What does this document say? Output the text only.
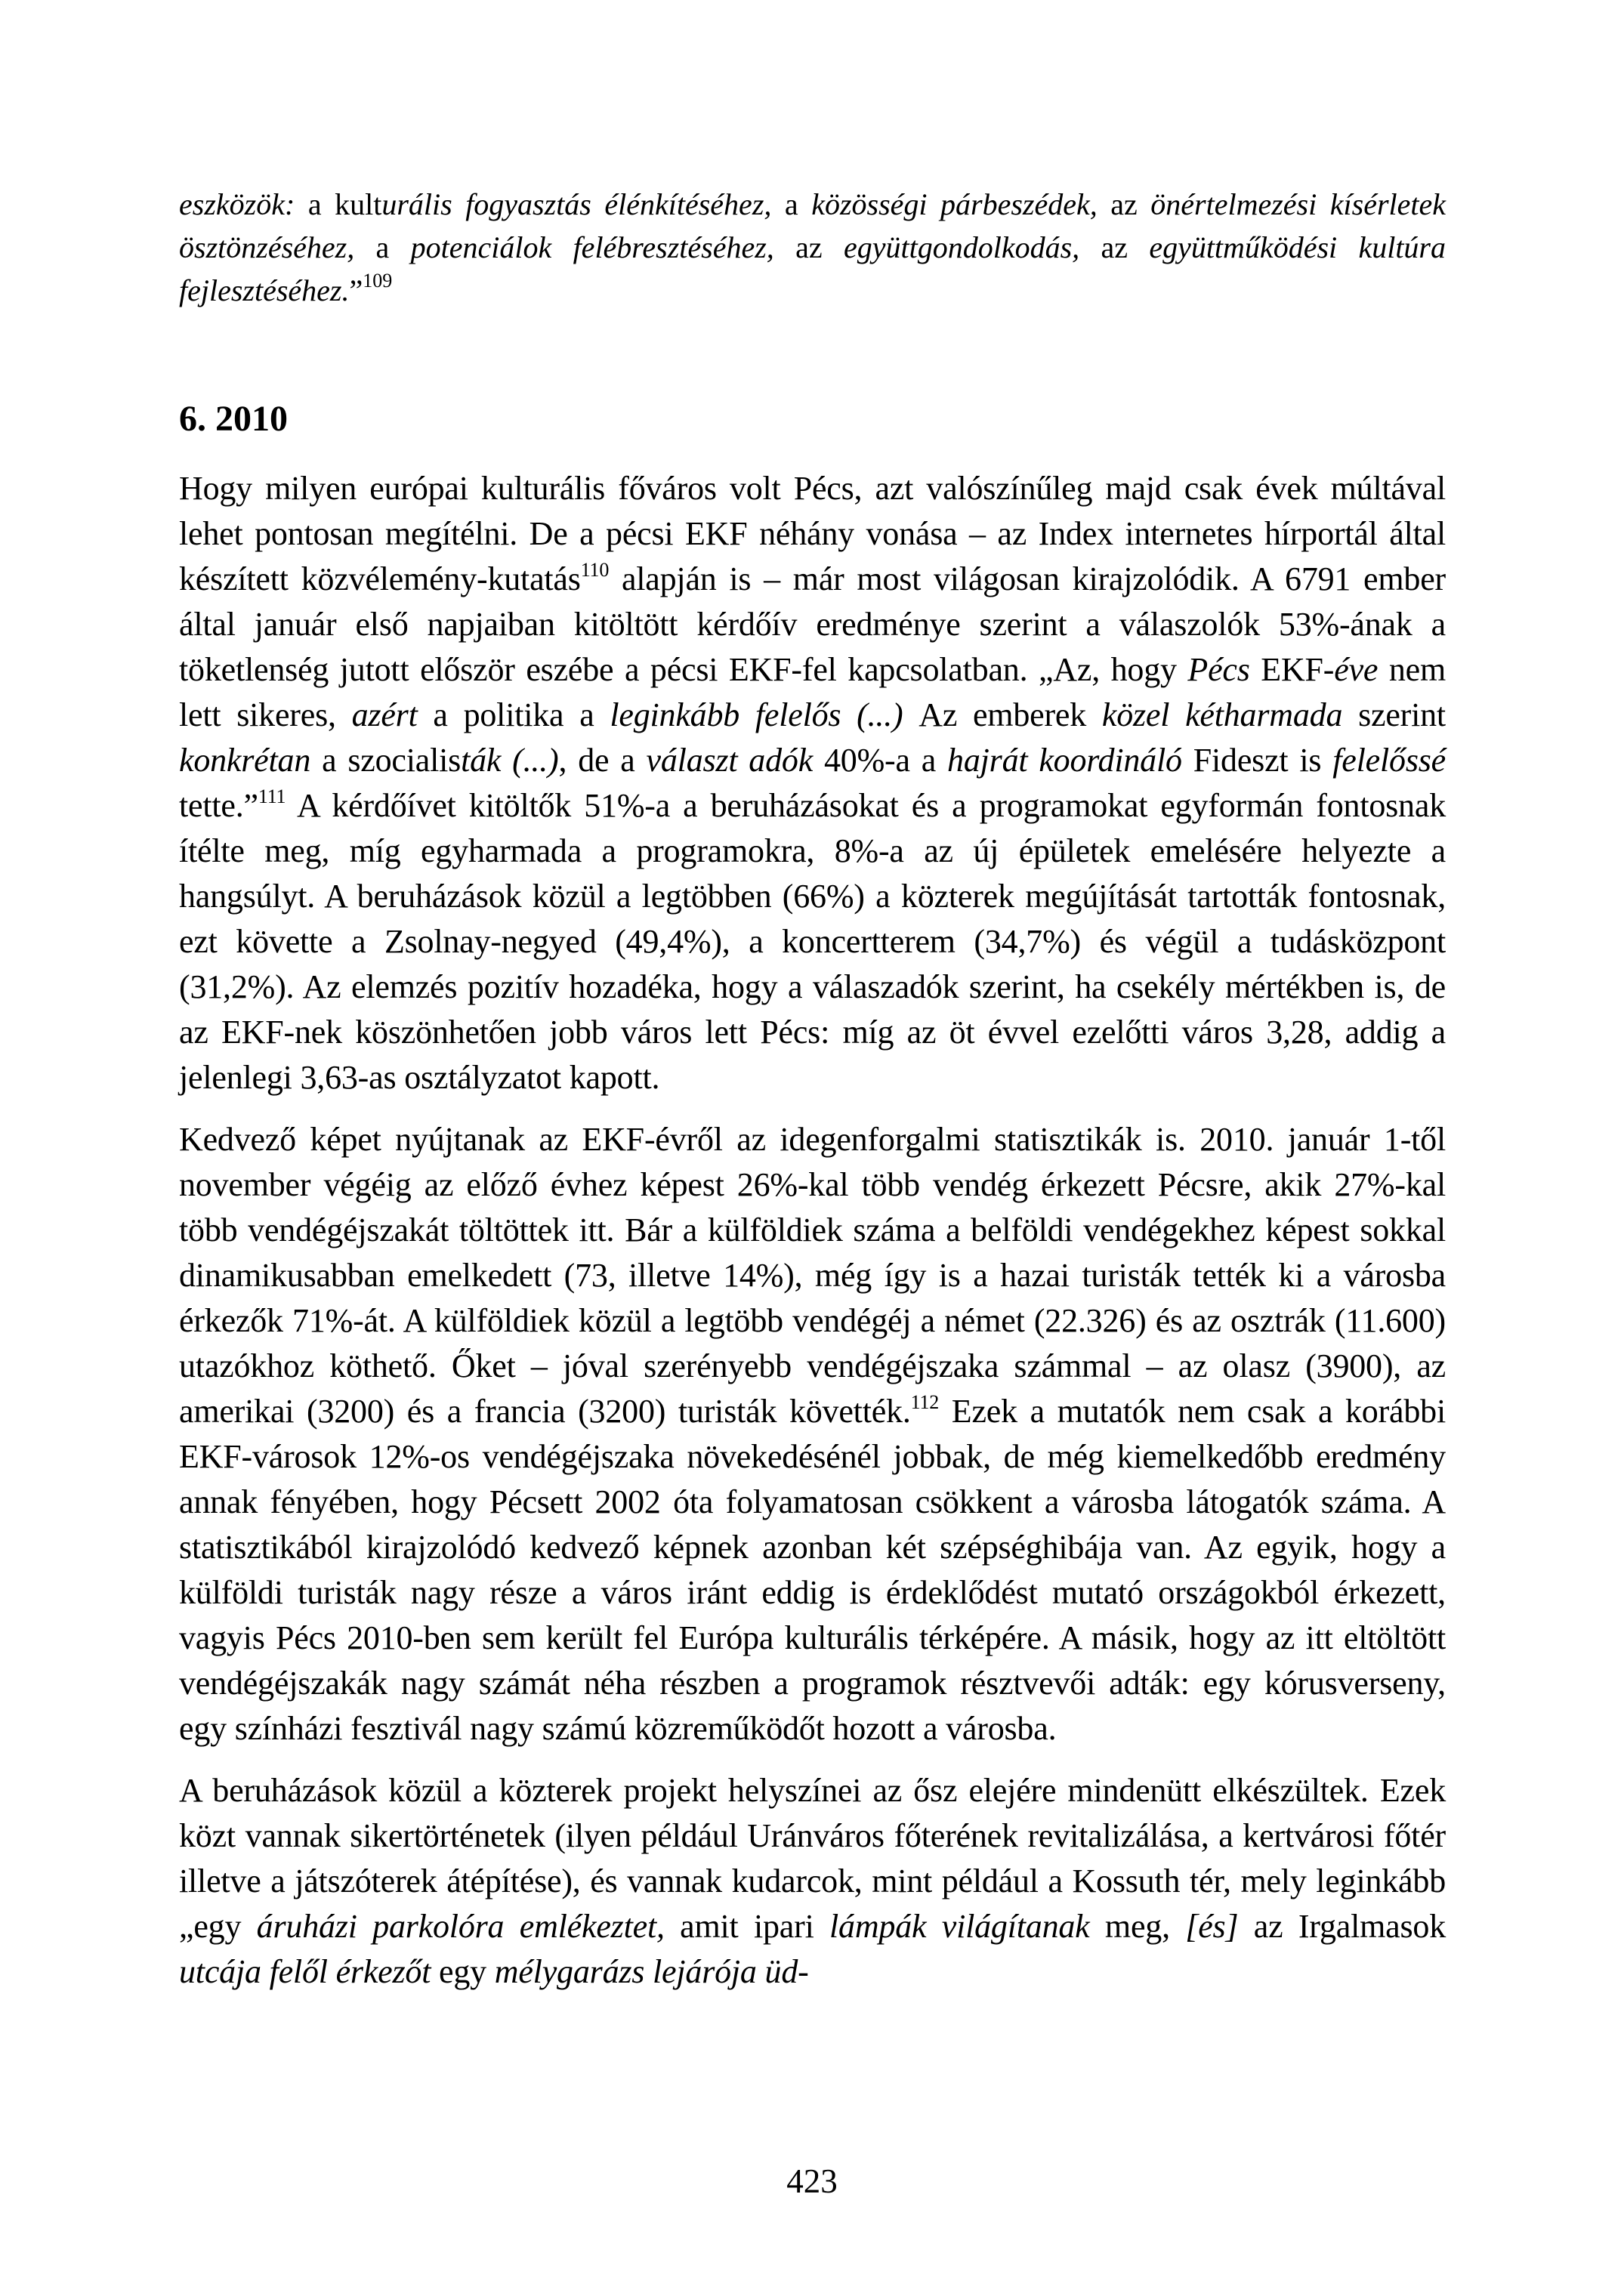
eszközök: a kulturális fogyasztás élénkítéséhez, a közösségi párbeszédek, az önértelmezési kísérletek ösztönzéséhez, a potenciálok felébresztéséhez, az együttgondolkodás, az együttműködési kultúra fejlesztéséhez.”$^{109}$
6. 2010

Hogy milyen európai kulturális főváros volt Pécs, azt valószínűleg majd csak évek múltával lehet pontosan megítélni. De a pécsi EKF néhány vonása – az Index internetes hírportál által készített közvélemény-kutatás$^{110}$ alapján is – már most világosan kirajzolódik. A 6791 ember által január első napjaiban kitöltött kérdőív eredménye szerint a válaszolók 53%-ának a töketlenség jutott először eszébe a pécsi EKF-fel kapcsolatban. „Az, hogy Pécs EKF-éve nem lett sikeres, azért a politika a leginkább felelős (...) Az emberek közel kétharmada szerint konkrétan a szocialisták (...), de a választ adók 40%-a a hajrát koordináló Fideszt is felelőssé tette.”$^{111}$ A kérdőívet kitöltők 51%-a a beruházásokat és a programokat egyformán fontosnak ítélte meg, míg egyharmada a programokra, 8%-a az új épületek emelésére helyezte a hangsúlyt. A beruházások közül a legtöbben (66%) a közterek megújítását tartották fontosnak, ezt követte a Zsolnay-negyed (49,4%), a koncertterem (34,7%) és végül a tudásközpont (31,2%). Az elemzés pozitív hozadéka, hogy a válaszadók szerint, ha csekély mértékben is, de az EKF-nek köszönhetően jobb város lett Pécs: míg az öt évvel ezelőtti város 3,28, addig a jelenlegi 3,63-as osztályzatot kapott.

Kedvező képet nyújtanak az EKF-évről az idegenforgalmi statisztikák is. 2010. január 1-től november végéig az előző évhez képest 26%-kal több vendég érkezett Pécsre, akik 27%-kal több vendégéjszakát töltöttek itt. Bár a külföldiek száma a belföldi vendégekhez képest sokkal dinamikusabban emelkedett (73, illetve 14%), még így is a hazai turisták tették ki a városba érkezők 71%-át. A külföldiek közül a legtöbb vendégéj a német (22.326) és az osztrák (11.600) utazókhoz köthető. Őket – jóval szerényebb vendégéjszaka számmal – az olasz (3900), az amerikai (3200) és a francia (3200) turisták követték.$^{112}$ Ezek a mutatók nem csak a korábbi EKF-városok 12%-os vendégéjszaka növekedésénél jobbak, de még kiemelkedőbb eredmény annak fényében, hogy Pécsett 2002 óta folyamatosan csökkent a városba látogatók száma. A statisztikából kirajzolódó kedvező képnek azonban két szépséghibája van. Az egyik, hogy a külföldi turisták nagy része a város iránt eddig is érdeklődést mutató országokból érkezett, vagyis Pécs 2010-ben sem került fel Európa kulturális térképére. A másik, hogy az itt eltöltött vendégéjszakák nagy számát néha részben a programok résztvevői adták: egy kórusverseny, egy színházi fesztivál nagy számú közreműködőt hozott a városba.

A beruházások közül a közterek projekt helyszínei az ősz elejére mindenütt elkészültek. Ezek közt vannak sikertörténetek (ilyen például Uránváros főterének revitalizálása, a kertvárosi főtér illetve a játszóterek átépítése), és vannak kudarcok, mint például a Kossuth tér, mely leginkább „egy áruházi parkolóra emlékeztet, amit ipari lámpák világítanak meg, [és] az Irgalmasok utcája felől érkezőt egy mélygarázs lejárója üd-

423
